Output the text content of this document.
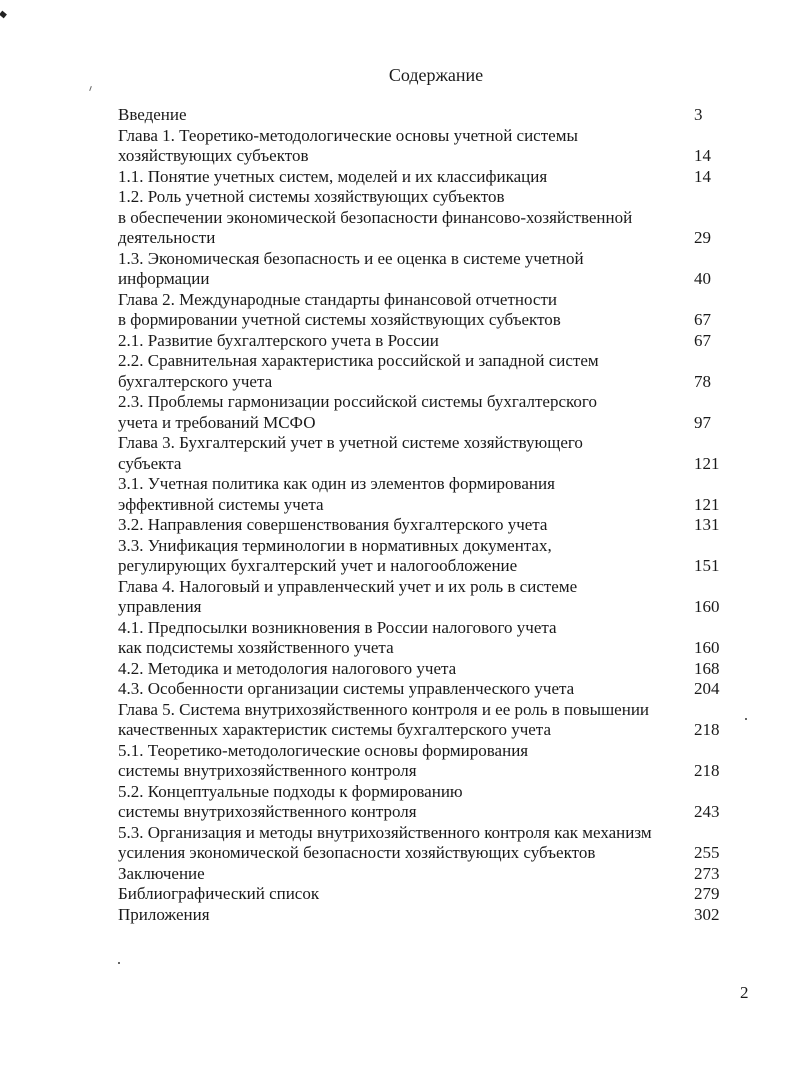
Содержание
Введение	3
Глава 1. Теоретико-методологические основы учетной системы
хозяйствующих субъектов	14
1.1. Понятие учетных систем, моделей и их классификация	14
1.2. Роль учетной системы хозяйствующих субъектов
в обеспечении экономической безопасности финансово-хозяйственной
деятельности	29
1.3. Экономическая безопасность и ее оценка в системе учетной
информации	40
Глава 2. Международные стандарты финансовой отчетности
в формировании учетной системы хозяйствующих субъектов	67
2.1. Развитие бухгалтерского учета в России	67
2.2. Сравнительная характеристика российской и западной систем
бухгалтерского учета	78
2.3. Проблемы гармонизации российской системы бухгалтерского
учета и требований МСФО	97
Глава 3. Бухгалтерский учет в учетной системе хозяйствующего
субъекта	121
3.1. Учетная политика как один из элементов формирования
эффективной системы учета	121
3.2. Направления совершенствования бухгалтерского учета	131
3.3. Унификация терминологии в нормативных документах,
регулирующих бухгалтерский учет и налогообложение	151
Глава 4. Налоговый и управленческий учет и их роль в системе
управления	160
4.1. Предпосылки возникновения в России налогового учета
как подсистемы хозяйственного учета	160
4.2. Методика и методология налогового учета	168
4.3. Особенности организации системы управленческого учета	204
Глава 5. Система внутрихозяйственного контроля и ее роль в повышении
качественных характеристик системы бухгалтерского учета	218
5.1. Теоретико-методологические основы формирования
системы внутрихозяйственного контроля	218
5.2. Концептуальные подходы к формированию
системы внутрихозяйственного контроля	243
5.3. Организация и методы внутрихозяйственного контроля как механизм
усиления экономической безопасности хозяйствующих субъектов	255
Заключение	273
Библиографический список	279
Приложения	302
2
